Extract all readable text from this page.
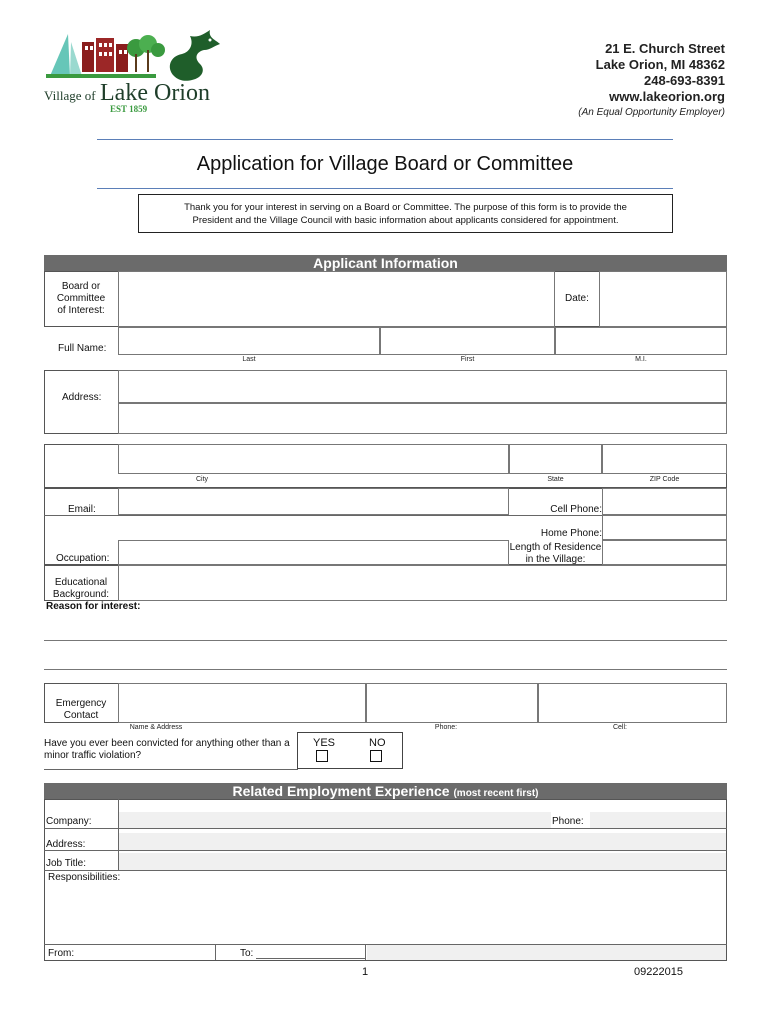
Village of Lake Orion
EST 1859
21 E. Church Street
Lake Orion, MI 48362
248-693-8391
www.lakeorion.org
(An Equal Opportunity Employer)
Application for Village Board or Committee
Thank you for your interest in serving on a Board or Committee. The purpose of this form is to provide the
President and the Village Council with basic information about applicants considered for appointment.
Applicant Information
Board or
Committee
of Interest:
Date:
Full Name:
Last	First	M.I.
Address:
City	State	ZIP Code
Email:	Cell Phone:
Home Phone:
Occupation:
Length of Residence
in the Village:
Educational
Background:
Reason for interest:
Emergency
Contact
Name & Address	Phone:	Cell:
Have you ever been convicted for anything other than a
minor traffic violation?
YES	NO
Related Employment Experience (most recent first)
Company:	Phone:
Address:
Job Title:
Responsibilities:
From:	To:
1	09222015
